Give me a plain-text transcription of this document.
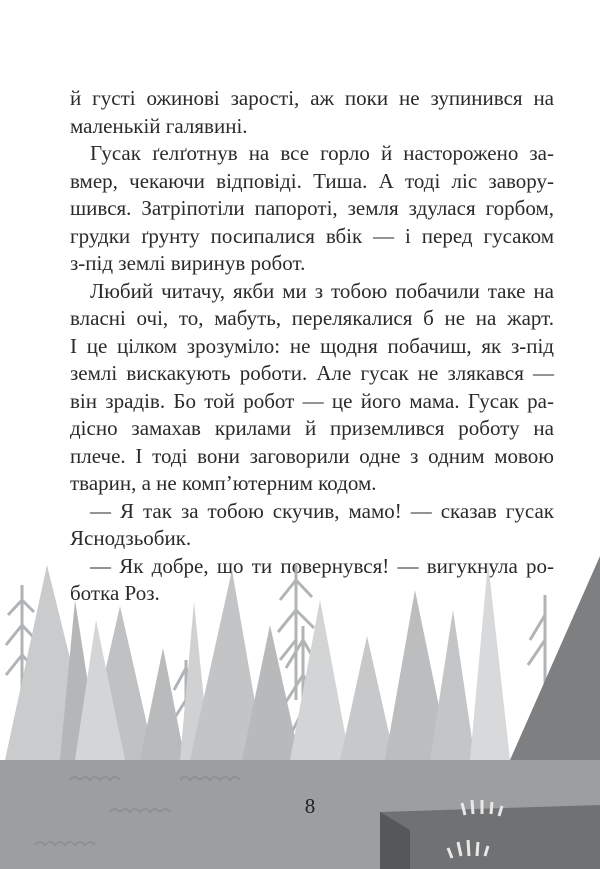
й густі ожинові зарості, аж поки не зупинився на
маленькій галявині.
Гусак ґелґотнув на все горло й настороженo за-
вмер, чекаючи відповіді. Тиша. А тоді ліс завору-
шився. Затріпотіли папороті, земля здулася горбом,
грудки ґрунту посипалися вбік — і перед гусаком
з-під землі виринув робот.
Любий читачу, якби ми з тобою побачили таке на
власні очі, то, мабуть, перелякалися б не на жарт.
І це цілком зрозуміло: не щодня побачиш, як з-під
землі вискакують роботи. Але гусак не злякався —
він зрадів. Бо той робот — це його мама. Гусак ра-
дісно замахав крилами й приземлився роботу на
плече. І тоді вони заговорили одне з одним мовою
тварин, а не комп’ютерним кодом.
— Я так за тобою скучив, мамо! — сказав гусак
Яснодзьобик.
— Як добре, що ти повернувся! — вигукнула ро-
ботка Роз.
8
